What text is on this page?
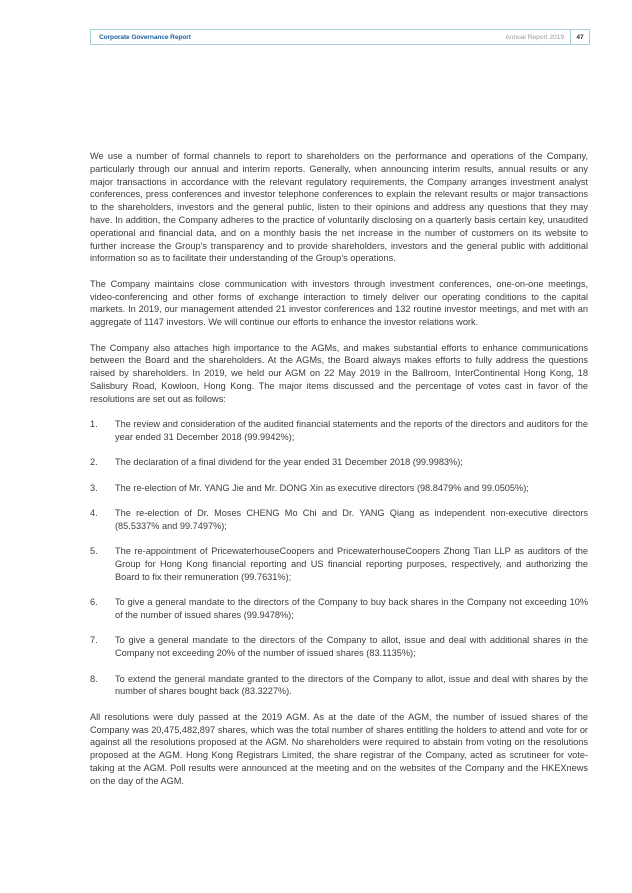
Corporate Governance Report	Annual Report 2019	47

We use a number of formal channels to report to shareholders on the performance and operations of the Company, particularly through our annual and interim reports. Generally, when announcing interim results, annual results or any major transactions in accordance with the relevant regulatory requirements, the Company arranges investment analyst conferences, press conferences and investor telephone conferences to explain the relevant results or major transactions to the shareholders, investors and the general public, listen to their opinions and address any questions that they may have. In addition, the Company adheres to the practice of voluntarily disclosing on a quarterly basis certain key, unaudited operational and financial data, and on a monthly basis the net increase in the number of customers on its website to further increase the Group’s transparency and to provide shareholders, investors and the general public with additional information so as to facilitate their understanding of the Group’s operations.

The Company maintains close communication with investors through investment conferences, one-on-one meetings, video-conferencing and other forms of exchange interaction to timely deliver our operating conditions to the capital markets. In 2019, our management attended 21 investor conferences and 132 routine investor meetings, and met with an aggregate of 1147 investors. We will continue our efforts to enhance the investor relations work.

The Company also attaches high importance to the AGMs, and makes substantial efforts to enhance communications between the Board and the shareholders. At the AGMs, the Board always makes efforts to fully address the questions raised by shareholders. In 2019, we held our AGM on 22 May 2019 in the Ballroom, InterContinental Hong Kong, 18 Salisbury Road, Kowloon, Hong Kong. The major items discussed and the percentage of votes cast in favor of the resolutions are set out as follows:

1.	The review and consideration of the audited financial statements and the reports of the directors and auditors for the year ended 31 December 2018 (99.9942%);
2.	The declaration of a final dividend for the year ended 31 December 2018 (99.9983%);
3.	The re-election of Mr. YANG Jie and Mr. DONG Xin as executive directors (98.8479% and 99.0505%);
4.	The re-election of Dr. Moses CHENG Mo Chi and Dr. YANG Qiang as independent non-executive directors (85.5337% and 99.7497%);
5.	The re-appointment of PricewaterhouseCoopers and PricewaterhouseCoopers Zhong Tian LLP as auditors of the Group for Hong Kong financial reporting and US financial reporting purposes, respectively, and authorizing the Board to fix their remuneration (99.7631%);
6.	To give a general mandate to the directors of the Company to buy back shares in the Company not exceeding 10% of the number of issued shares (99.9478%);
7.	To give a general mandate to the directors of the Company to allot, issue and deal with additional shares in the Company not exceeding 20% of the number of issued shares (83.1135%);
8.	To extend the general mandate granted to the directors of the Company to allot, issue and deal with shares by the number of shares bought back (83.3227%).

All resolutions were duly passed at the 2019 AGM. As at the date of the AGM, the number of issued shares of the Company was 20,475,482,897 shares, which was the total number of shares entitling the holders to attend and vote for or against all the resolutions proposed at the AGM. No shareholders were required to abstain from voting on the resolutions proposed at the AGM. Hong Kong Registrars Limited, the share registrar of the Company, acted as scrutineer for vote-taking at the AGM. Poll results were announced at the meeting and on the websites of the Company and the HKEXnews on the day of the AGM.
